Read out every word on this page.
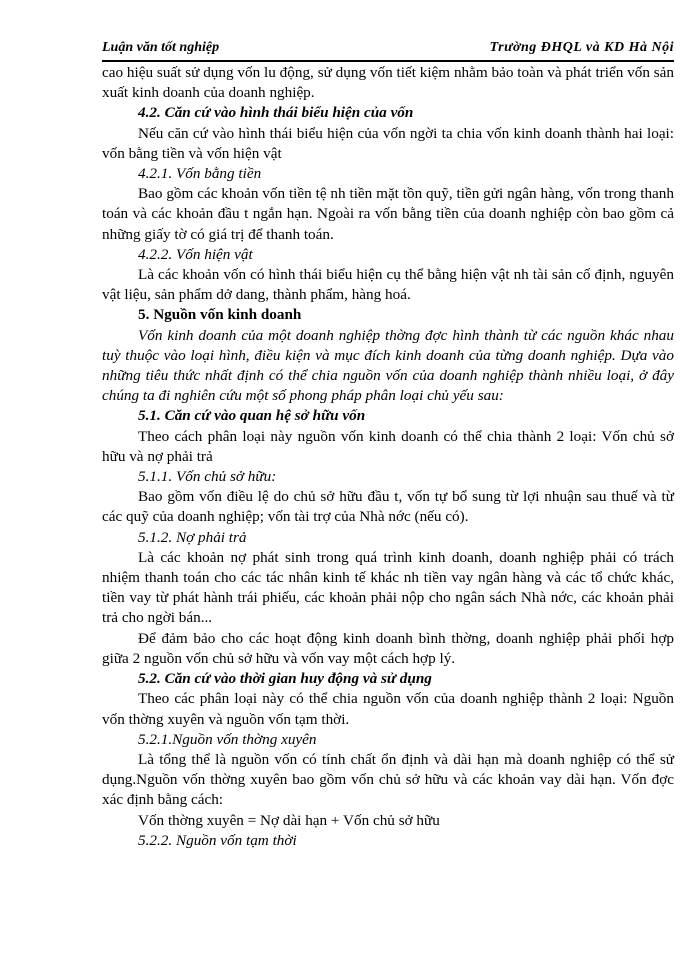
Luận văn tốt nghiệp	Trường ĐHQL và KD Hà Nội

cao hiệu suất sử dụng vốn lu động, sử dụng vốn tiết kiệm nhằm bảo toàn và phát triển vốn sản xuất kinh doanh của doanh nghiệp.

4.2. Căn cứ vào hình thái biểu hiện của vốn

Nếu căn cứ vào hình thái biểu hiện của vốn ngời ta chia vốn kinh doanh thành hai loại: vốn bằng tiền và vốn hiện vật

4.2.1. Vốn bằng tiền

Bao gồm các khoản vốn tiền tệ nh tiền mặt tồn quỹ, tiền gửi ngân hàng, vốn trong thanh toán và các khoản đầu t ngắn hạn. Ngoài ra vốn bằng tiền của doanh nghiệp còn bao gồm cả những giấy tờ có giá trị để thanh toán.

4.2.2. Vốn hiện vật

Là các khoản vốn có hình thái biểu hiện cụ thể bằng hiện vật nh tài sản cố định, nguyên vật liệu, sản phẩm dở dang, thành phẩm, hàng hoá.

5. Nguồn vốn kinh doanh

Vốn kinh doanh của một doanh nghiệp thờng đợc hình thành từ các nguồn khác nhau tuỳ thuộc vào loại hình, điều kiện và mục đích kinh doanh của từng doanh nghiệp. Dựa vào những tiêu thức nhất định có thể chia nguồn vốn của doanh nghiệp thành nhiều loại, ở đây chúng ta đi nghiên cứu một số phong pháp phân loại chủ yếu sau:

5.1. Căn cứ vào quan hệ sở hữu vốn

Theo cách phân loại này nguồn vốn kinh doanh có thể chia thành 2 loại: Vốn chủ sở hữu và nợ phải trả

5.1.1. Vốn chủ sở hữu:

Bao gồm vốn điều lệ do chủ sở hữu đầu t, vốn tự bổ sung từ lợi nhuận sau thuế và từ các quỹ của doanh nghiệp; vốn tài trợ của Nhà nớc (nếu có).

5.1.2. Nợ phải trả

Là các khoản nợ phát sinh trong quá trình kinh doanh, doanh nghiệp phải có trách nhiệm thanh toán cho các tác nhân kinh tế khác nh tiền vay ngân hàng và các tổ chức khác, tiền vay từ phát hành trái phiếu, các khoản phải nộp cho ngân sách Nhà nớc, các khoản phải trả cho ngời bán...

Để đảm bảo cho các hoạt động kinh doanh bình thờng, doanh nghiệp phải phối hợp giữa 2 nguồn vốn chủ sở hữu và vốn vay một cách hợp lý.

5.2. Căn cứ vào thời gian huy động và sử dụng

Theo các phân loại này có thể chia nguồn vốn của doanh nghiệp thành 2 loại: Nguồn vốn thờng xuyên và nguồn vốn tạm thời.

5.2.1.Nguồn vốn thờng xuyên

Là tổng thể là nguồn vốn có tính chất ổn định và dài hạn mà doanh nghiệp có thể sử dụng.Nguồn vốn thờng xuyên bao gồm vốn chủ sở hữu và các khoản vay dài hạn. Vốn đợc xác định bằng cách:

Vốn thờng xuyên = Nợ dài hạn + Vốn chủ sở hữu

5.2.2. Nguồn vốn tạm thời
